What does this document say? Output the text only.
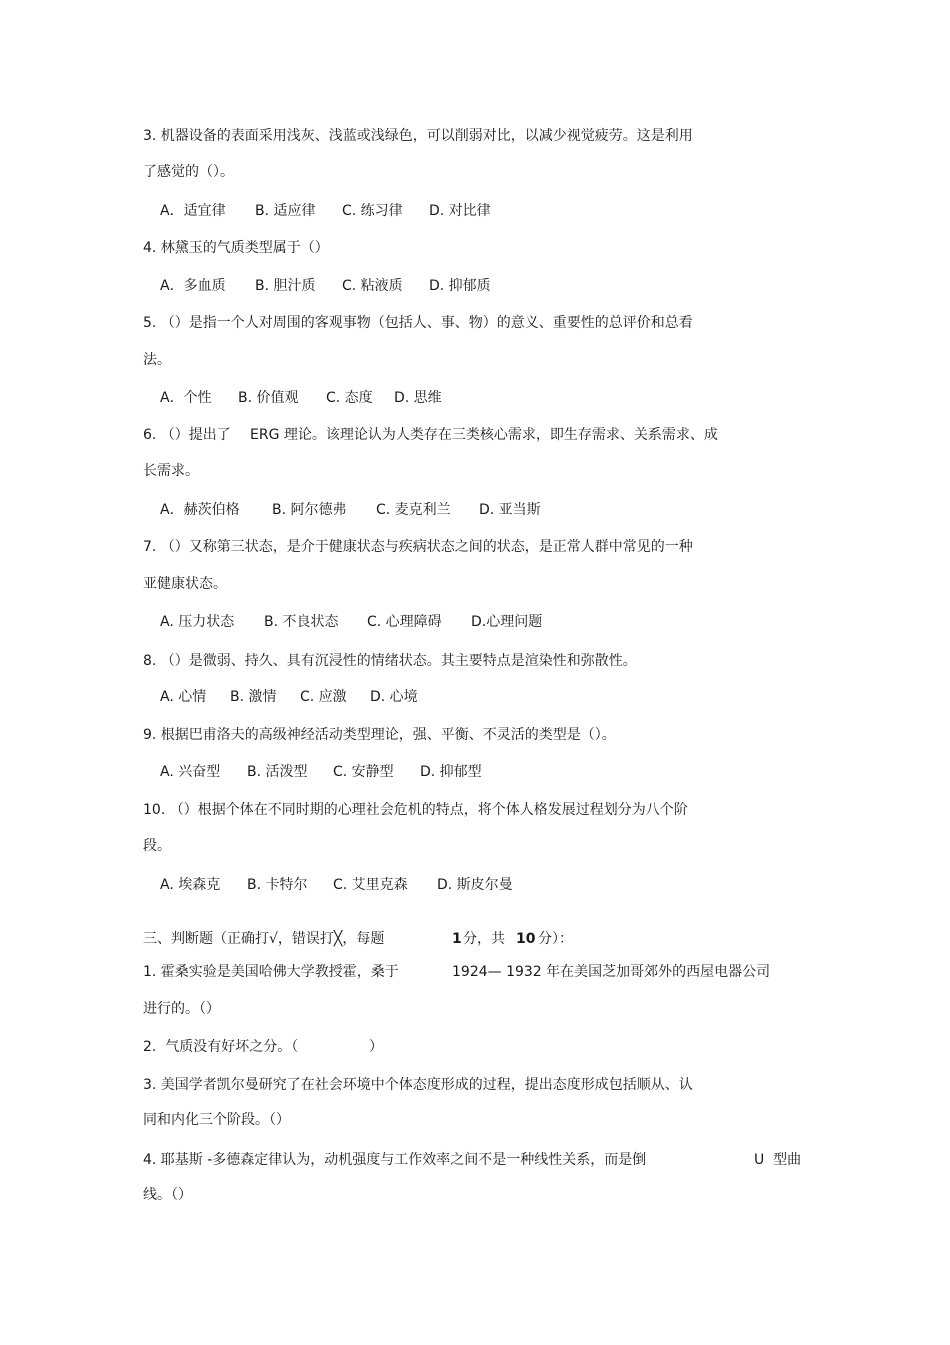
3. 机器设备的表面采用浅灰、浅蓝或浅绿色，可以削弱对比，以减少视觉疲劳。这是利用
了感觉的（）。
A．适宜律 B. 适应律 C. 练习律 D. 对比律
4. 林黛玉的气质类型属于（）
A．多血质 B. 胆汁质 C. 粘液质 D. 抑郁质
5. （）是指一个人对周围的客观事物（包括人、事、物）的意义、重要性的总评价和总看
法。
A．个性 B. 价值观 C. 态度 D. 思维
6. （）提出了 ERG 理论。该理论认为人类存在三类核心需求，即生存需求、关系需求、成
长需求。
A．赫茨伯格 B. 阿尔德弗 C. 麦克利兰 D. 亚当斯
7. （）又称第三状态，是介于健康状态与疾病状态之间的状态，是正常人群中常见的一种
亚健康状态。
A. 压力状态 B. 不良状态 C. 心理障碍 D.心理问题
8. （）是微弱、持久、具有沉浸性的情绪状态。其主要特点是渲染性和弥散性。
A. 心情 B. 激情 C. 应激 D. 心境
9. 根据巴甫洛夫的高级神经活动类型理论，强、平衡、不灵活的类型是（）。
A. 兴奋型 B. 活泼型 C. 安静型 D. 抑郁型
10. （）根据个体在不同时期的心理社会危机的特点，将个体人格发展过程划分为八个阶
段。
A. 埃森克 B. 卡特尔 C. 艾里克森 D. 斯皮尔曼
三、判断题（正确打√，错误打╳，每题	1 分，共 10 分）：
1. 霍桑实验是美国哈佛大学教授霍，桑于	1924— 1932 年在美国芝加哥郊外的西屋电器公司
进行的。（）
2.  气质没有好坏之分。（	）
3. 美国学者凯尔曼研究了在社会环境中个体态度形成的过程，提出态度形成包括顺从、认
同和内化三个阶段。（）
4. 耶基斯 -多德森定律认为，动机强度与工作效率之间不是一种线性关系，而是倒	U  型曲
线。（）
